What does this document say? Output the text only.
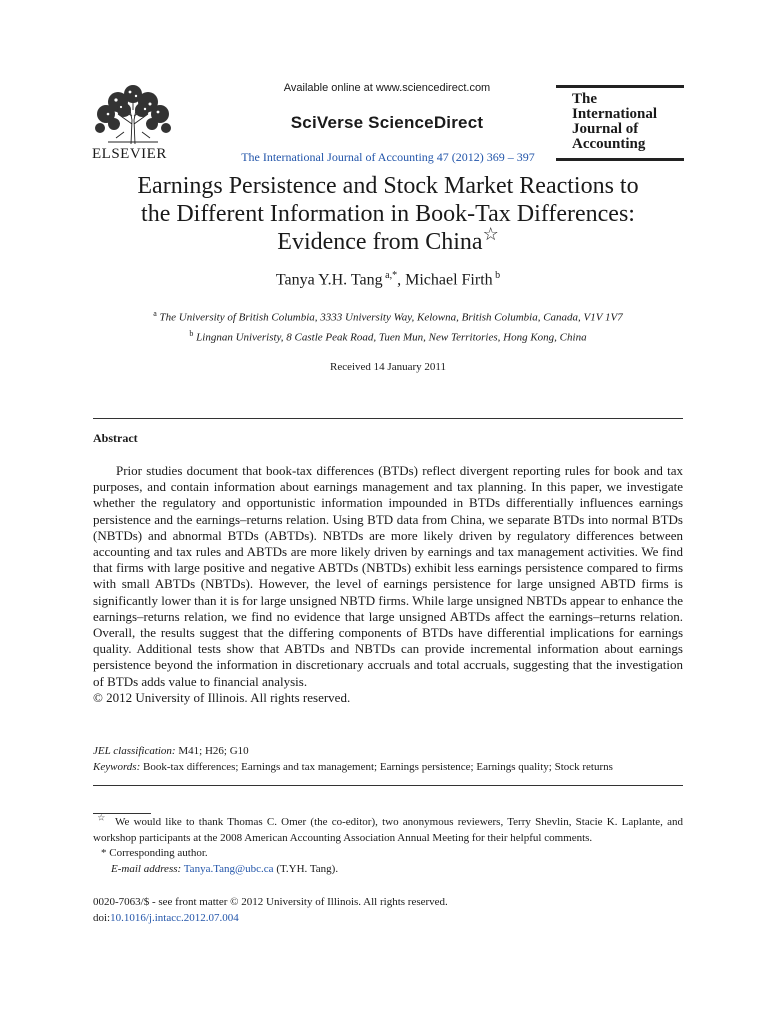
ELSEVIER
Available online at www.sciencedirect.com
SciVerse ScienceDirect
The International Journal of Accounting 47 (2012) 369 – 397
The
International
Journal of
Accounting
Earnings Persistence and Stock Market Reactions to
the Different Information in Book-Tax Differences:
Evidence from China☆
Tanya Y.H. Tang $^{a,*}$, Michael Firth $^b$
$^a$ The University of British Columbia, 3333 University Way, Kelowna, British Columbia, Canada, V1V 1V7
$^b$ Lingnan Univeristy, 8 Castle Peak Road, Tuen Mun, New Territories, Hong Kong, China
Received 14 January 2011
Abstract

Prior studies document that book-tax differences (BTDs) reflect divergent reporting rules for book and tax purposes, and contain information about earnings management and tax planning. In this paper, we investigate whether the regulatory and opportunistic information impounded in BTDs differentially influences earnings persistence and the earnings–returns relation. Using BTD data from China, we separate BTDs into normal BTDs (NBTDs) and abnormal BTDs (ABTDs). NBTDs are more likely driven by regulatory differences between accounting and tax rules and ABTDs are more likely driven by earnings and tax management activities. We find that firms with large positive and negative ABTDs (NBTDs) exhibit less earnings persistence compared to firms with small ABTDs (NBTDs). However, the level of earnings persistence for large unsigned ABTD firms is significantly lower than it is for large unsigned NBTD firms. While large unsigned NBTDs appear to enhance the earnings–returns relation, we find no evidence that large unsigned ABTDs affect the earnings–returns relation. Overall, the results suggest that the differing components of BTDs have differential implications for earnings quality. Additional tests show that ABTDs and NBTDs can provide incremental information about earnings persistence beyond the information in discretionary accruals and total accruals, suggesting that the investigation of BTDs adds value to financial analysis.

© 2012 University of Illinois. All rights reserved.

JEL classification: M41; H26; G10
Keywords: Book-tax differences; Earnings and tax management; Earnings persistence; Earnings quality; Stock returns
☆ We would like to thank Thomas C. Omer (the co-editor), two anonymous reviewers, Terry Shevlin, Stacie K. Laplante, and workshop participants at the 2008 American Accounting Association Annual Meeting for their helpful comments.
* Corresponding author.
E-mail address: Tanya.Tang@ubc.ca (T.YH. Tang).
0020-7063/$ - see front matter © 2012 University of Illinois. All rights reserved.
doi:10.1016/j.intacc.2012.07.004
